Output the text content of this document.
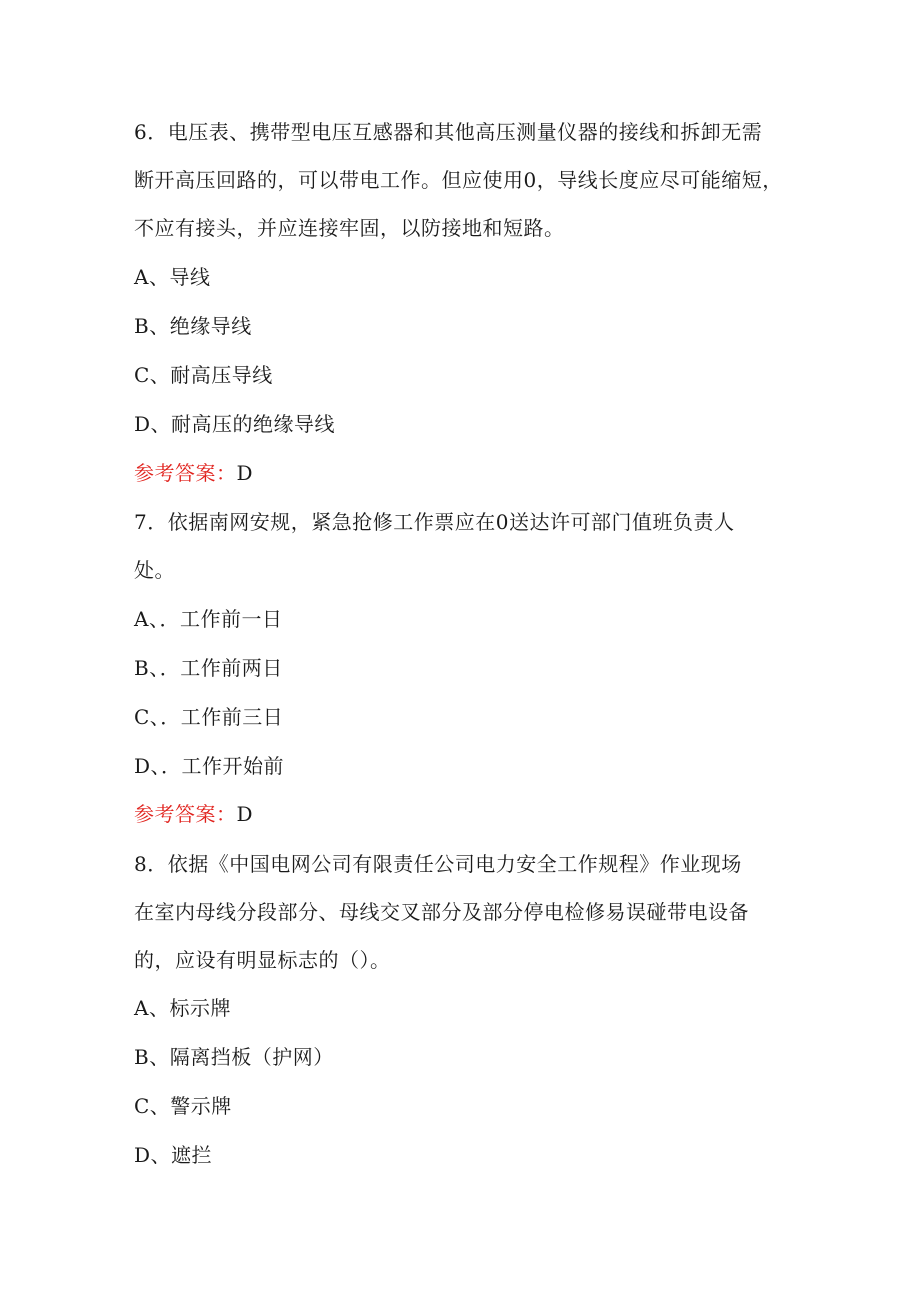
6．电压表、携带型电压互感器和其他高压测量仪器的接线和拆卸无需
断开高压回路的，可以带电工作。但应使用0，导线长度应尽可能缩短，
不应有接头，并应连接牢固，以防接地和短路。
A、导线
B、绝缘导线
C、耐高压导线
D、耐高压的绝缘导线
参考答案：D
7．依据南网安规，紧急抢修工作票应在0送达许可部门值班负责人
处。
A、．工作前一日
B、．工作前两日
C、．工作前三日
D、．工作开始前
参考答案：D
8．依据《中国电网公司有限责任公司电力安全工作规程》作业现场
在室内母线分段部分、母线交叉部分及部分停电检修易误碰带电设备
的，应设有明显标志的（）。
A、标示牌
B、隔离挡板（护网）
C、警示牌
D、遮拦
